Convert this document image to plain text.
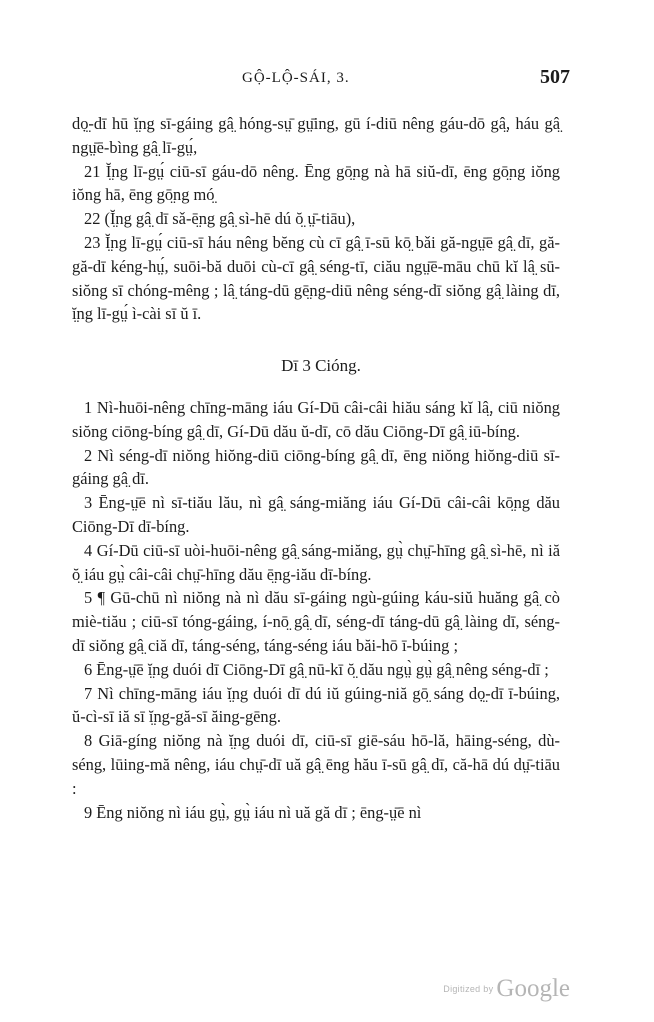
GỘ-LỘ-SÁI, 3.	507

dọ̤-dī hū ĭ̤ng sī-gáing gâ̤ hóng-sṳ̄ gṳ̄ing, gū í-diū nêng gáu-dō gâ̤, háu gâ̤ ngṳ̄ē-bìng gâ̤ lī-gṳ́,

21 Ĭ̤ng lī-gṳ́ ciū-sī gáu-dō nêng. Ēng gō̤ng nà hā siŭ-dī, ēng gō̤ng iŏng iŏng hā, ēng gō̤ng mó̤

22 (Ĭ̤ng gâ̤ dī sǎ-ē̤ng gâ̤ sì-hē dú ŏ̤ ṳ̄-tiāu),

23 Ĭ̤ng lī-gṳ́ ciū-sī háu nêng bĕng cù cī gâ̤ ī-sū kō̤ bǎi gă-ngṳ̄ē gâ̤ dī, gă-gă-dī kéng-hṳ́, suōi-bă duōi cù-cī gâ̤ séng-tī, ciău ngṳ̄ē-māu chū kĭ lâ̤ sū-siŏng sī chóng-mêng ; lâ̤ táng-dū gē̤ng-diū nêng séng-dī siŏng gâ̤ làing dī, ĭ̤ng lī-gṳ́ ì-cài sī ŭ ī.

Dī 3 Cióng.

1 Nì-huōi-nêng chīng-māng iáu Gí-Dū câi-câi hiău sáng kĭ lâ̤, ciū niŏng siŏng ciōng-bíng gâ̤ dī, Gí-Dū dău ŭ-dī, cō dău Ciōng-Dī gâ̤ iū-bíng.

2 Nì séng-dī niŏng hiŏng-diū ciōng-bíng gâ̤ dī, ēng niŏng hiŏng-diū sī-gáing gâ̤ dī.

3 Ēng-ṳ̄ē nì sī-tiău lău, nì gâ̤ sáng-miăng iáu Gí-Dū câi-câi kō̤ng dău Ciōng-Dī dī-bíng.

4 Gí-Dū ciū-sī uòi-huōi-nêng gâ̤ sáng-miăng, gṳ̀ chṳ̄-hīng gâ̤ sì-hē, nì iă ŏ̤ iáu gṳ̀ câi-câi chṳ̄-hīng dău ē̤ng-iău dī-bíng.

5 ¶ Gū-chū nì niŏng nà nì dău sī-gáing ngù-gúing káu-siŭ huăng gâ̤ cò miè-tiău ; ciū-sī tóng-gáing, í-nō̤ gâ̤ dī, séng-dī táng-dū gâ̤ làing dī, séng-dī siŏng gâ̤ ciă dī, táng-séng, táng-séng iáu băi-hō ī-búing ;

6 Ēng-ṳ̄ē ĭ̤ng duói dī Ciōng-Dī gâ̤ nū-kī ŏ̤ dău ngṳ̀ gṳ̀ gâ̤ nêng séng-dī ;

7 Nì chīng-māng iáu ĭ̤ng duói dī dú iŭ gúing-niă gō̤ sáng dọ̤-dī ī-búing, ŭ-cì-sī iă sī ĭ̤ng-gă-sī ăing-gēng.

8 Giā-gíng niŏng nà ĭ̤ng duói dī, ciū-sī giē-sáu hō-lă, hāing-séng, dù-séng, lūing-mă nêng, iáu chṳ̄-dī uă gâ̤ ēng hău ī-sū gâ̤ dī, că-hā dú dṳ̄-tiāu :

9 Ēng niŏng nì iáu gṳ̀, gṳ̀ iáu nì uă gă dī ; ēng-ṳ̄ē nì

Digitized by Google
